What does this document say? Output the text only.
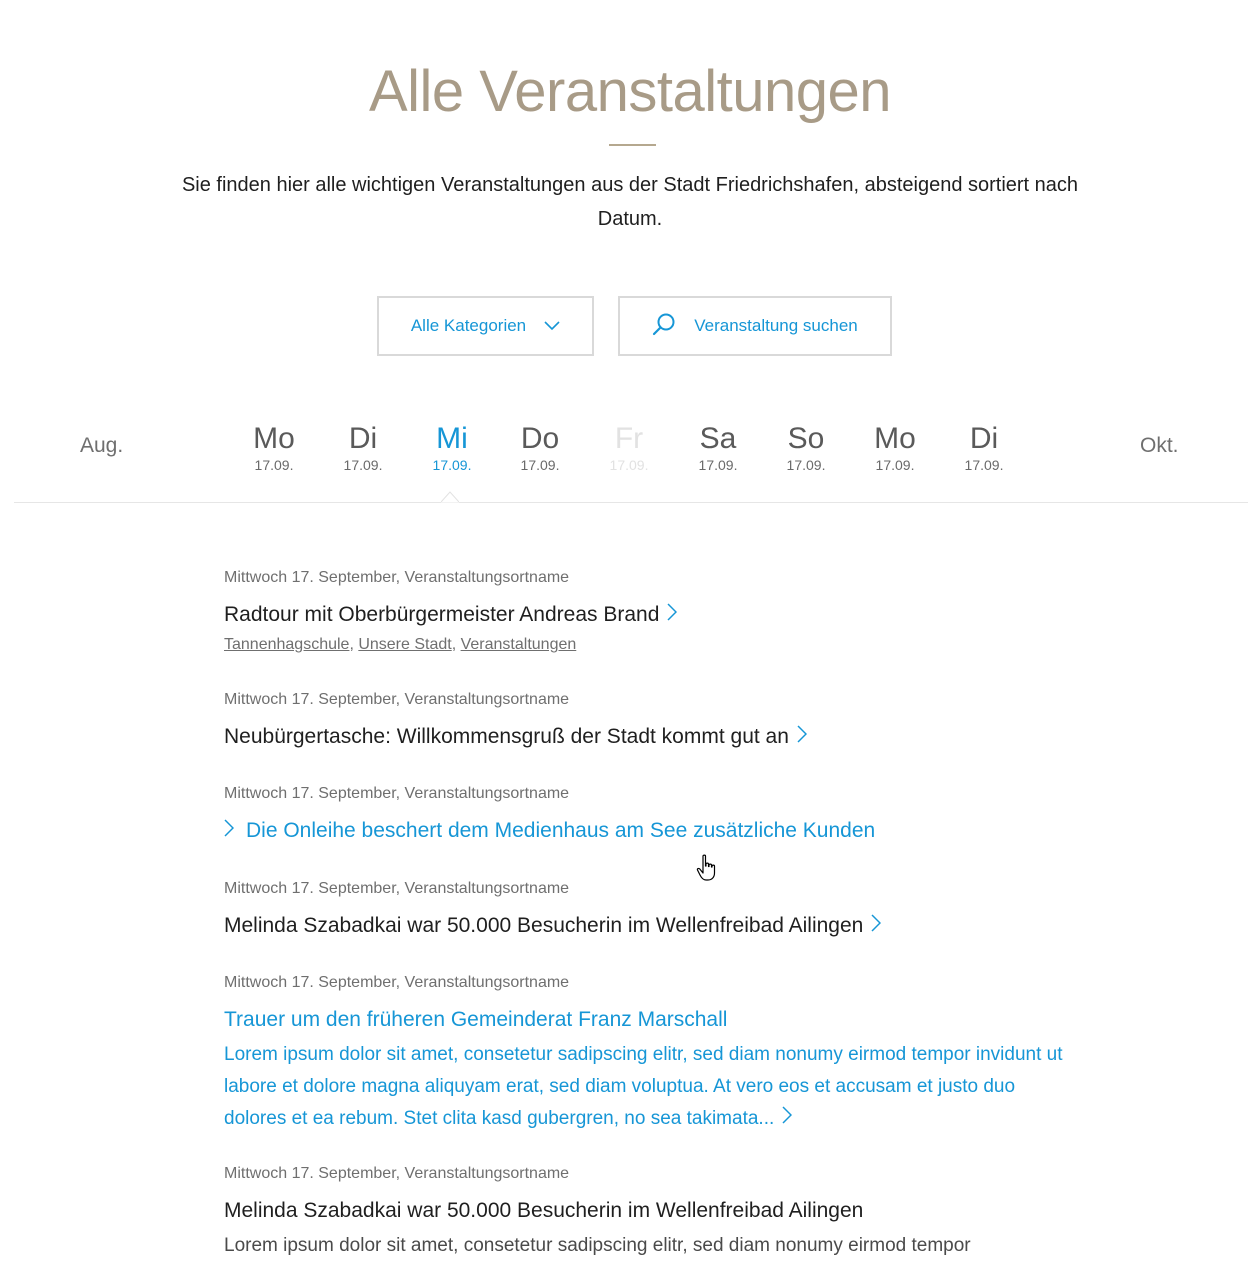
Alle Veranstaltungen

Sie finden hier alle wichtigen Veranstaltungen aus der Stadt Friedrichshafen, absteigend sortiert nach Datum.

Alle Kategorien	Veranstaltung suchen
Aug.	Okt.
Mo
17.09.
Di
17.09.
Mi
17.09.
Do
17.09.
Fr
17.09.
Sa
17.09.
So
17.09.
Mo
17.09.
Di
17.09.

Mittwoch 17. September, Veranstaltungsortname

Radtour mit Oberbürgermeister Andreas Brand

Tannenhagschule, Unsere Stadt, Veranstaltungen

Mittwoch 17. September, Veranstaltungsortname

Neubürgertasche: Willkommensgruß der Stadt kommt gut an

Mittwoch 17. September, Veranstaltungsortname

Die Onleihe beschert dem Medienhaus am See zusätzliche Kunden

Mittwoch 17. September, Veranstaltungsortname

Melinda Szabadkai war 50.000 Besucherin im Wellenfreibad Ailingen

Mittwoch 17. September, Veranstaltungsortname

Trauer um den früheren Gemeinderat Franz Marschall

Lorem ipsum dolor sit amet, consetetur sadipscing elitr, sed diam nonumy eirmod tempor invidunt ut labore et dolore magna aliquyam erat, sed diam voluptua. At vero eos et accusam et justo duo dolores et ea rebum. Stet clita kasd gubergren, no sea takimata...

Mittwoch 17. September, Veranstaltungsortname

Melinda Szabadkai war 50.000 Besucherin im Wellenfreibad Ailingen

Lorem ipsum dolor sit amet, consetetur sadipscing elitr, sed diam nonumy eirmod tempor
